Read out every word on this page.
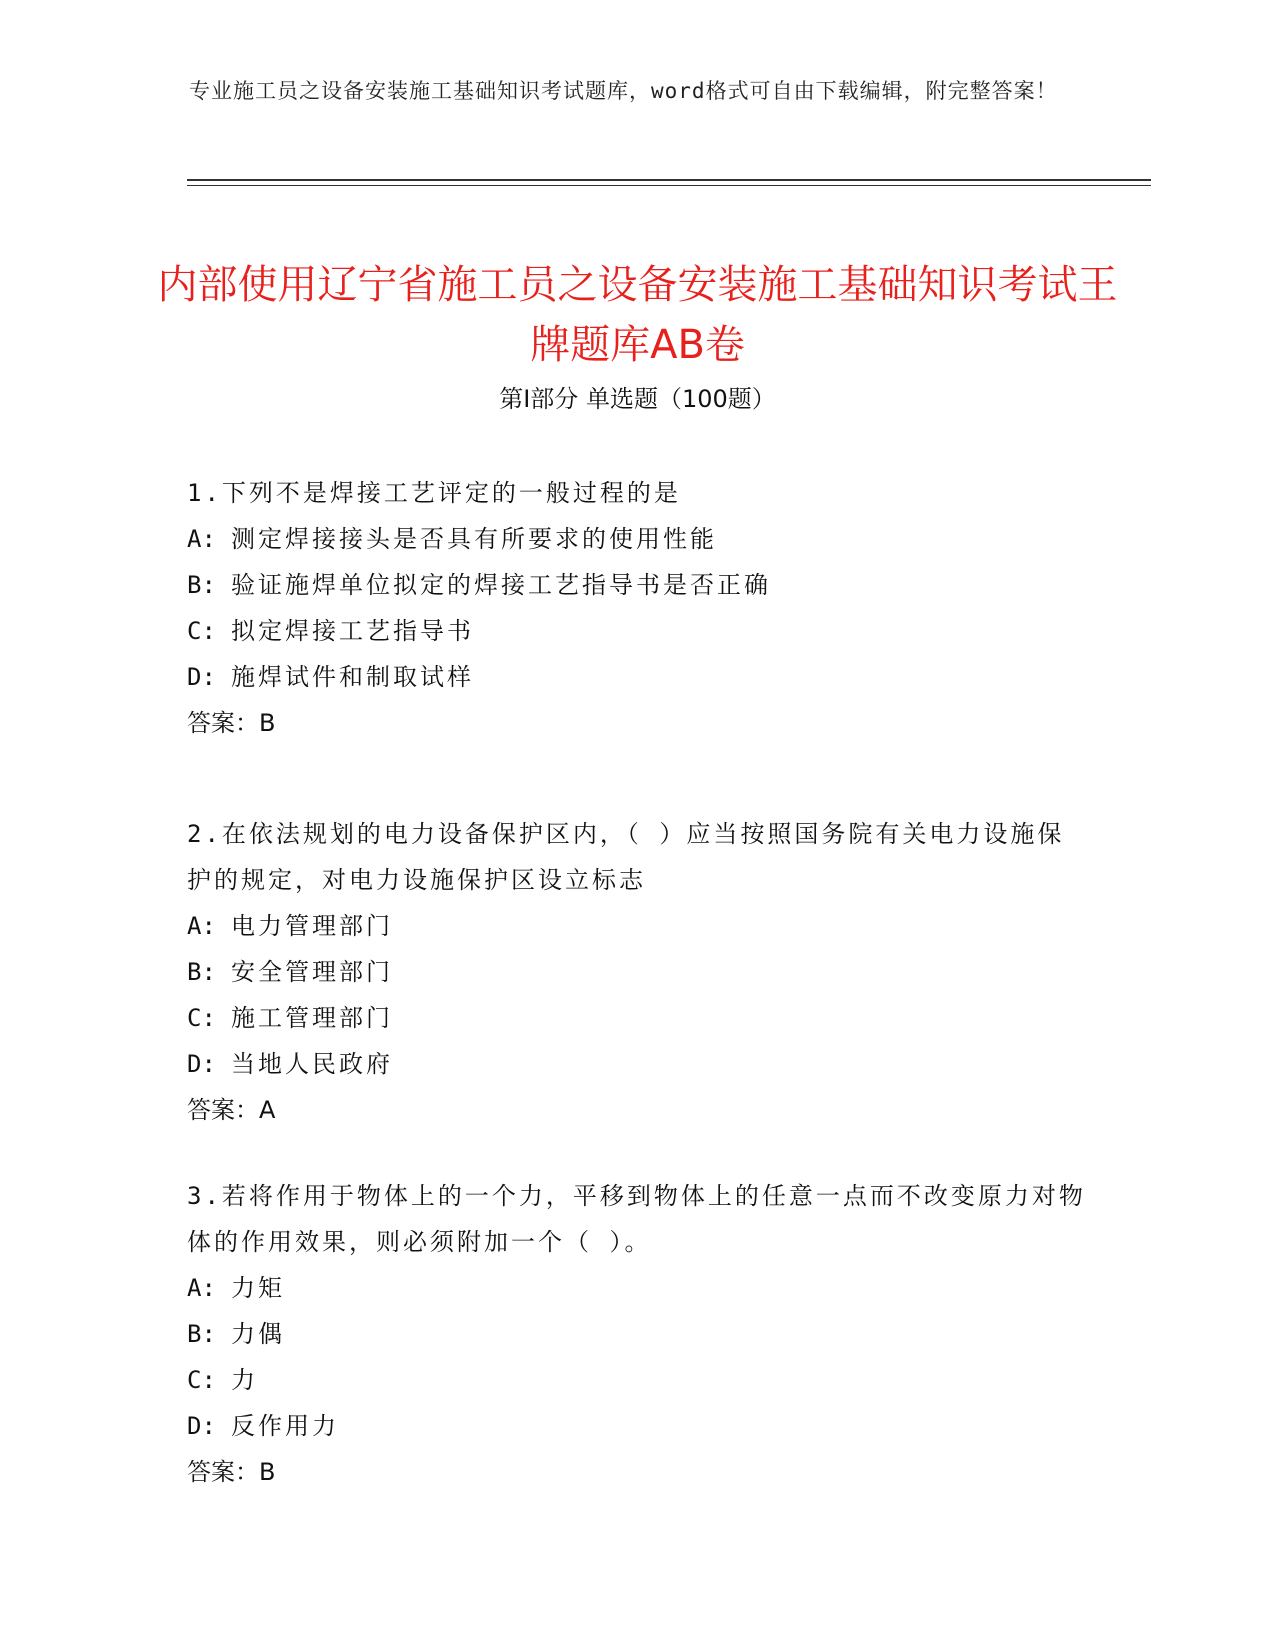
专业施工员之设备安装施工基础知识考试题库，word格式可自由下载编辑，附完整答案！
内部使用辽宁省施工员之设备安装施工基础知识考试王牌题库AB卷
第Ⅰ部分 单选题（100题）
1.下列不是焊接工艺评定的一般过程的是
A: 测定焊接接头是否具有所要求的使用性能
B: 验证施焊单位拟定的焊接工艺指导书是否正确
C: 拟定焊接工艺指导书
D: 施焊试件和制取试样
答案：B
2.在依法规划的电力设备保护区内，（ ）应当按照国务院有关电力设施保护的规定，对电力设施保护区设立标志
A: 电力管理部门
B: 安全管理部门
C: 施工管理部门
D: 当地人民政府
答案：A
3.若将作用于物体上的一个力，平移到物体上的任意一点而不改变原力对物体的作用效果，则必须附加一个（ ）。
A: 力矩
B: 力偶
C: 力
D: 反作用力
答案：B
